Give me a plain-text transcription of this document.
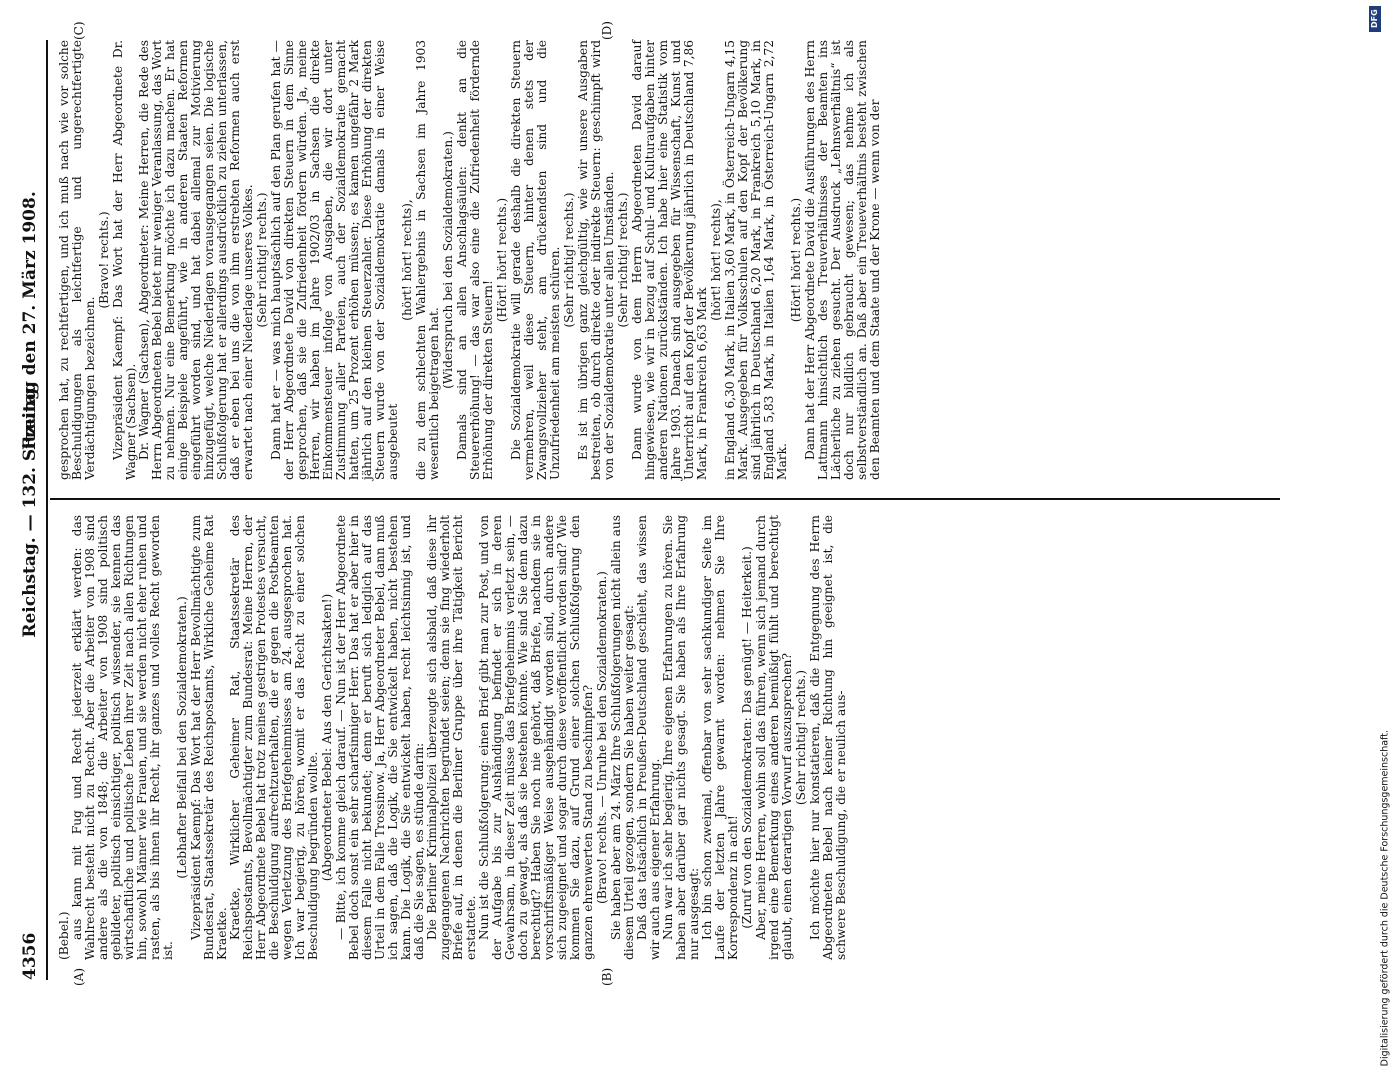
4356
Reichstag. — 132. Sitzung.
Freitag den 27. März 1908.
(A)	(B)
(C)	(D)

(Bebel.) aus kann mit Fug und Recht jederzeit erklärt werden: das Wahlrecht besteht nicht zu Recht. Aber die Arbeiter von 1908 sind andere als die von 1848; die Arbeiter von 1908 sind politisch gebildeter, politisch einsichtiger, politisch wissender, sie kennen das wirtschaftliche und politische Leben ihrer Zeit nach allen Richtungen hin, sowohl Männer wie Frauen, und sie werden nicht eher ruhen und rasten, als bis ihnen ihr Recht, ihr ganzes und volles Recht geworden ist.

(Lebhafter Beifall bei den Sozialdemokraten.) Vizepräsident Kaempf: Das Wort hat der Herr Bevollmächtigte zum Bundesrat, Staatssekretär des Reichspostamts, Wirkliche Geheime Rat Kraetke. Kraetke, Wirklicher Geheimer Rat, Staatssekretär des Reichspostamts, Bevollmächtigter zum Bundesrat: Meine Herren, der Herr Abgeordnete Bebel hat trotz meines gestrigen Protestes versucht, die Beschuldigung aufrechtzuerhalten, die er gegen die Postbeamten wegen Verletzung des Briefgeheimnisses am 24. ausgesprochen hat. Ich war begierig, zu hören, womit er das Recht zu einer solchen Beschuldigung begründen wollte. (Abgeordneter Bebel: Aus den Gerichtsakten!) — Bitte, ich komme gleich darauf. — Nun ist der Herr Abgeordnete Bebel doch sonst ein sehr scharfsinniger Herr. Das hat er aber hier in diesem Falle nicht bekundet; denn er beruft sich lediglich auf das Urteil in dem Falle Trossinow. Ja, Herr Abgeordneter Bebel, dann muß ich sagen, daß die Logik, die Sie entwickelt haben, nicht bestehen kann. Die Logik, die Sie entwickelt haben, recht leichtsinnig ist, und daß die Sie sagen, es stünde darin: Die Berliner Kriminalpolizei überzeugte sich alsbald, daß diese ihr zugegangenen Nachrichten begründet seien; denn sie fing wiederholt Briefe auf, in denen die Berliner Gruppe über ihre Tätigkeit Bericht erstattete. Nun ist die Schlußfolgerung: einen Brief gibt man zur Post, und von der Aufgabe bis zur Aushändigung befindet er sich in deren Gewahrsam, in dieser Zeit müsse das Briefgeheimnis verletzt sein, — doch zu gewagt, als daß sie bestehen könnte. Wie sind Sie denn dazu berechtigt? Haben Sie noch nie gehört, daß Briefe, nachdem sie in vorschriftsmäßiger Weise ausgehändigt worden sind, durch andere sich zugeeignet und sogar durch diese veröffentlicht worden sind? Wie kommen Sie dazu, auf Grund einer solchen Schlußfolgerung den ganzen ehrenwerten Stand zu beschimpfen? (Bravo! rechts. — Unruhe bei den Sozialdemokraten.) Sie haben aber am 24. März Ihre Schlußfolgerungen nicht allein aus diesem Urteil gezogen, sondern Sie haben weiter gesagt: Daß das tatsächlich in Preußen-Deutschland geschieht, das wissen wir auch aus eigener Erfahrung. Nun war ich sehr begierig, Ihre eigenen Erfahrungen zu hören. Sie haben aber darüber gar nichts gesagt. Sie haben als Ihre Erfahrung nur ausgesagt: Ich bin schon zweimal, offenbar von sehr sachkundiger Seite im Laufe der letzten Jahre gewarnt worden: nehmen Sie Ihre Korrespondenz in acht! (Zuruf von den Sozialdemokraten: Das genügt! — Heiterkeit.) Aber, meine Herren, wohin soll das führen, wenn sich jemand durch irgend eine Bemerkung eines anderen bemüßigt fühlt und berechtigt glaubt, einen derartigen Vorwurf auszusprechen? (Sehr richtig! rechts.) Ich möchte hier nur konstatieren, daß die Entgegnung des Herrn Abgeordneten Bebel nach keiner Richtung hin geeignet ist, die schwere Beschuldigung, die er neulich aus-

gesprochen hat, zu rechtfertigen, und ich muß nach wie vor solche Beschuldigungen als leichtfertige und ungerechtfertigte Verdächtigungen bezeichnen.

(Bravo! rechts.) Vizepräsident Kaempf: Das Wort hat der Herr Abgeordnete Dr. Wagner (Sachsen). Dr. Wagner (Sachsen), Abgeordneter: Meine Herren, die Rede des Herrn Abgeordneten Bebel bietet mir weniger Veranlassung, das Wort zu nehmen. Nur eine Bemerkung möchte ich dazu machen. Er hat einige Beispiele angeführt, wie in anderen Staaten Reformen eingeführt worden sind, und hat dabei allemal zur Motivierung hinzugefügt, welche Niederlagen vorausgegangen seien. Die logische Schlußfolgerung hat er allerdings ausdrücklich zu ziehen unterlassen, daß er eben bei uns die von ihm erstrebten Reformen auch erst erwartet nach einer Niederlage unseres Volkes. (Sehr richtig! rechts.) Dann hat er — was mich hauptsächlich auf den Plan gerufen hat — der Herr Abgeordnete David von direkten Steuern in dem Sinne gesprochen, daß sie die Zufriedenheit fördern würden. Ja, meine Herren, wir haben im Jahre 1902/03 in Sachsen die direkte Einkommensteuer infolge von Ausgaben, die wir dort unter Zustimmung aller Parteien, auch der Sozialdemokratie gemacht hatten, um 25 Prozent erhöhen müssen; es kamen ungefähr 2 Mark jährlich auf den kleinen Steuerzahler. Diese Erhöhung der direkten Steuern wurde von der Sozialdemokratie damals in einer Weise ausgebeutet

(hört! hört! rechts), die zu dem schlechten Wahlergebnis in Sachsen im Jahre 1903 wesentlich beigetragen hat.

(Widerspruch bei den Sozialdemokraten.) Damals sind an allen Anschlagsäulen: denkt an die Steuererhöhung! — das war also eine die Zufriedenheit fördernde Erhöhung der direkten Steuern!

(Hört! hört! rechts.) Die Sozialdemokratie will gerade deshalb die direkten Steuern vermehren, weil diese Steuern, hinter denen stets der Zwangsvollzieher steht, am drückendsten sind und die Unzufriedenheit am meisten schüren. (Sehr richtig! rechts.) Es ist im übrigen ganz gleichgültig, wie wir unsere Ausgaben bestreiten, ob durch direkte oder indirekte Steuern: geschimpft wird von der Sozialdemokratie unter allen Umständen. (Sehr richtig! rechts.) Dann wurde von dem Herrn Abgeordneten David darauf hingewiesen, wie wir in bezug auf Schul- und Kulturaufgaben hinter anderen Nationen zurückständen. Ich habe hier eine Statistik vom Jahre 1903. Danach sind ausgegeben für Wissenschaft, Kunst und Unterricht auf den Kopf der Bevölkerung jährlich in Deutschland 7,86 Mark, in Frankreich 6,63 Mark

(hört! hört! rechts), in England 6,30 Mark, in Italien 3,60 Mark, in Österreich-Ungarn 4,15 Mark. Ausgegeben für Volksschulen auf den Kopf der Bevölkerung sind jährlich in Deutschland 6,20 Mark, in Frankreich 5,10 Mark, in England 5,83 Mark, in Italien 1,64 Mark, in Österreich-Ungarn 2,72 Mark.

(Hört! hört! rechts.) Dann hat der Herr Abgeordnete David die Ausführungen des Herrn Lattmann hinsichtlich des Treuverhältnisses der Beamten ins Lächerliche zu ziehen gesucht. Der Ausdruck „Lehnsverhältnis“ ist doch nur bildlich gebraucht gewesen; das nehme ich als selbstverständlich an. Daß aber ein Treueverhältnis besteht zwischen den Beamten und dem Staate und der Krone — wenn von der

Digitalisierung gefördert durch die Deutsche Forschungsgemeinschaft.
DFG
